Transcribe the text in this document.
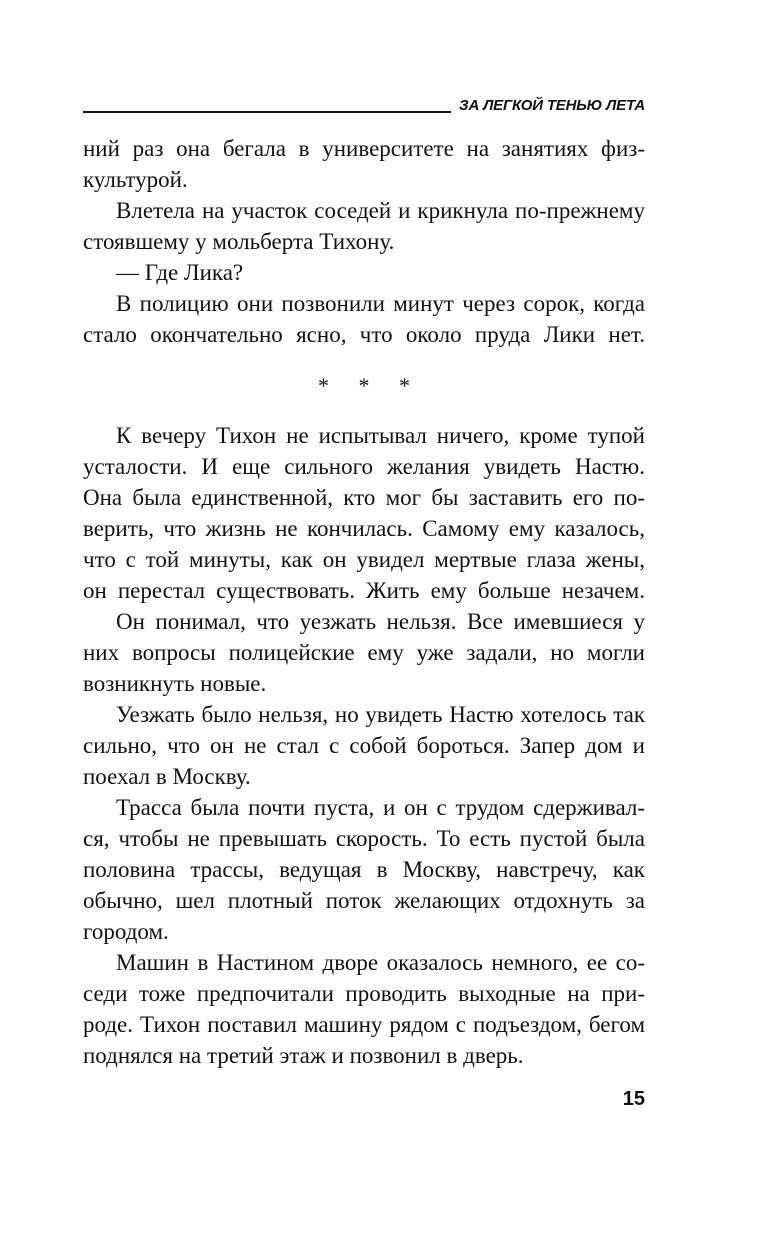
ЗА ЛЕГКОЙ ТЕНЬЮ ЛЕТА
ний раз она бегала в университете на занятиях физ-
культурой.
Влетела на участок соседей и крикнула по-прежнему
стоявшему у мольберта Тихону.
— Где Лика?
В полицию они позвонили минут через сорок, когда
стало окончательно ясно, что около пруда Лики нет.
* * *
К вечеру Тихон не испытывал ничего, кроме тупой
усталости. И еще сильного желания увидеть Настю.
Она была единственной, кто мог бы заставить его по-
верить, что жизнь не кончилась. Самому ему казалось,
что с той минуты, как он увидел мертвые глаза жены,
он перестал существовать. Жить ему больше незачем.
Он понимал, что уезжать нельзя. Все имевшиеся у
них вопросы полицейские ему уже задали, но могли
возникнуть новые.
Уезжать было нельзя, но увидеть Настю хотелось так
сильно, что он не стал с собой бороться. Запер дом и
поехал в Москву.
Трасса была почти пуста, и он с трудом сдерживал-
ся, чтобы не превышать скорость. То есть пустой была
половина трассы, ведущая в Москву, навстречу, как
обычно, шел плотный поток желающих отдохнуть за
городом.
Машин в Настином дворе оказалось немного, ее со-
седи тоже предпочитали проводить выходные на при-
роде. Тихон поставил машину рядом с подъездом, бегом
поднялся на третий этаж и позвонил в дверь.
15
